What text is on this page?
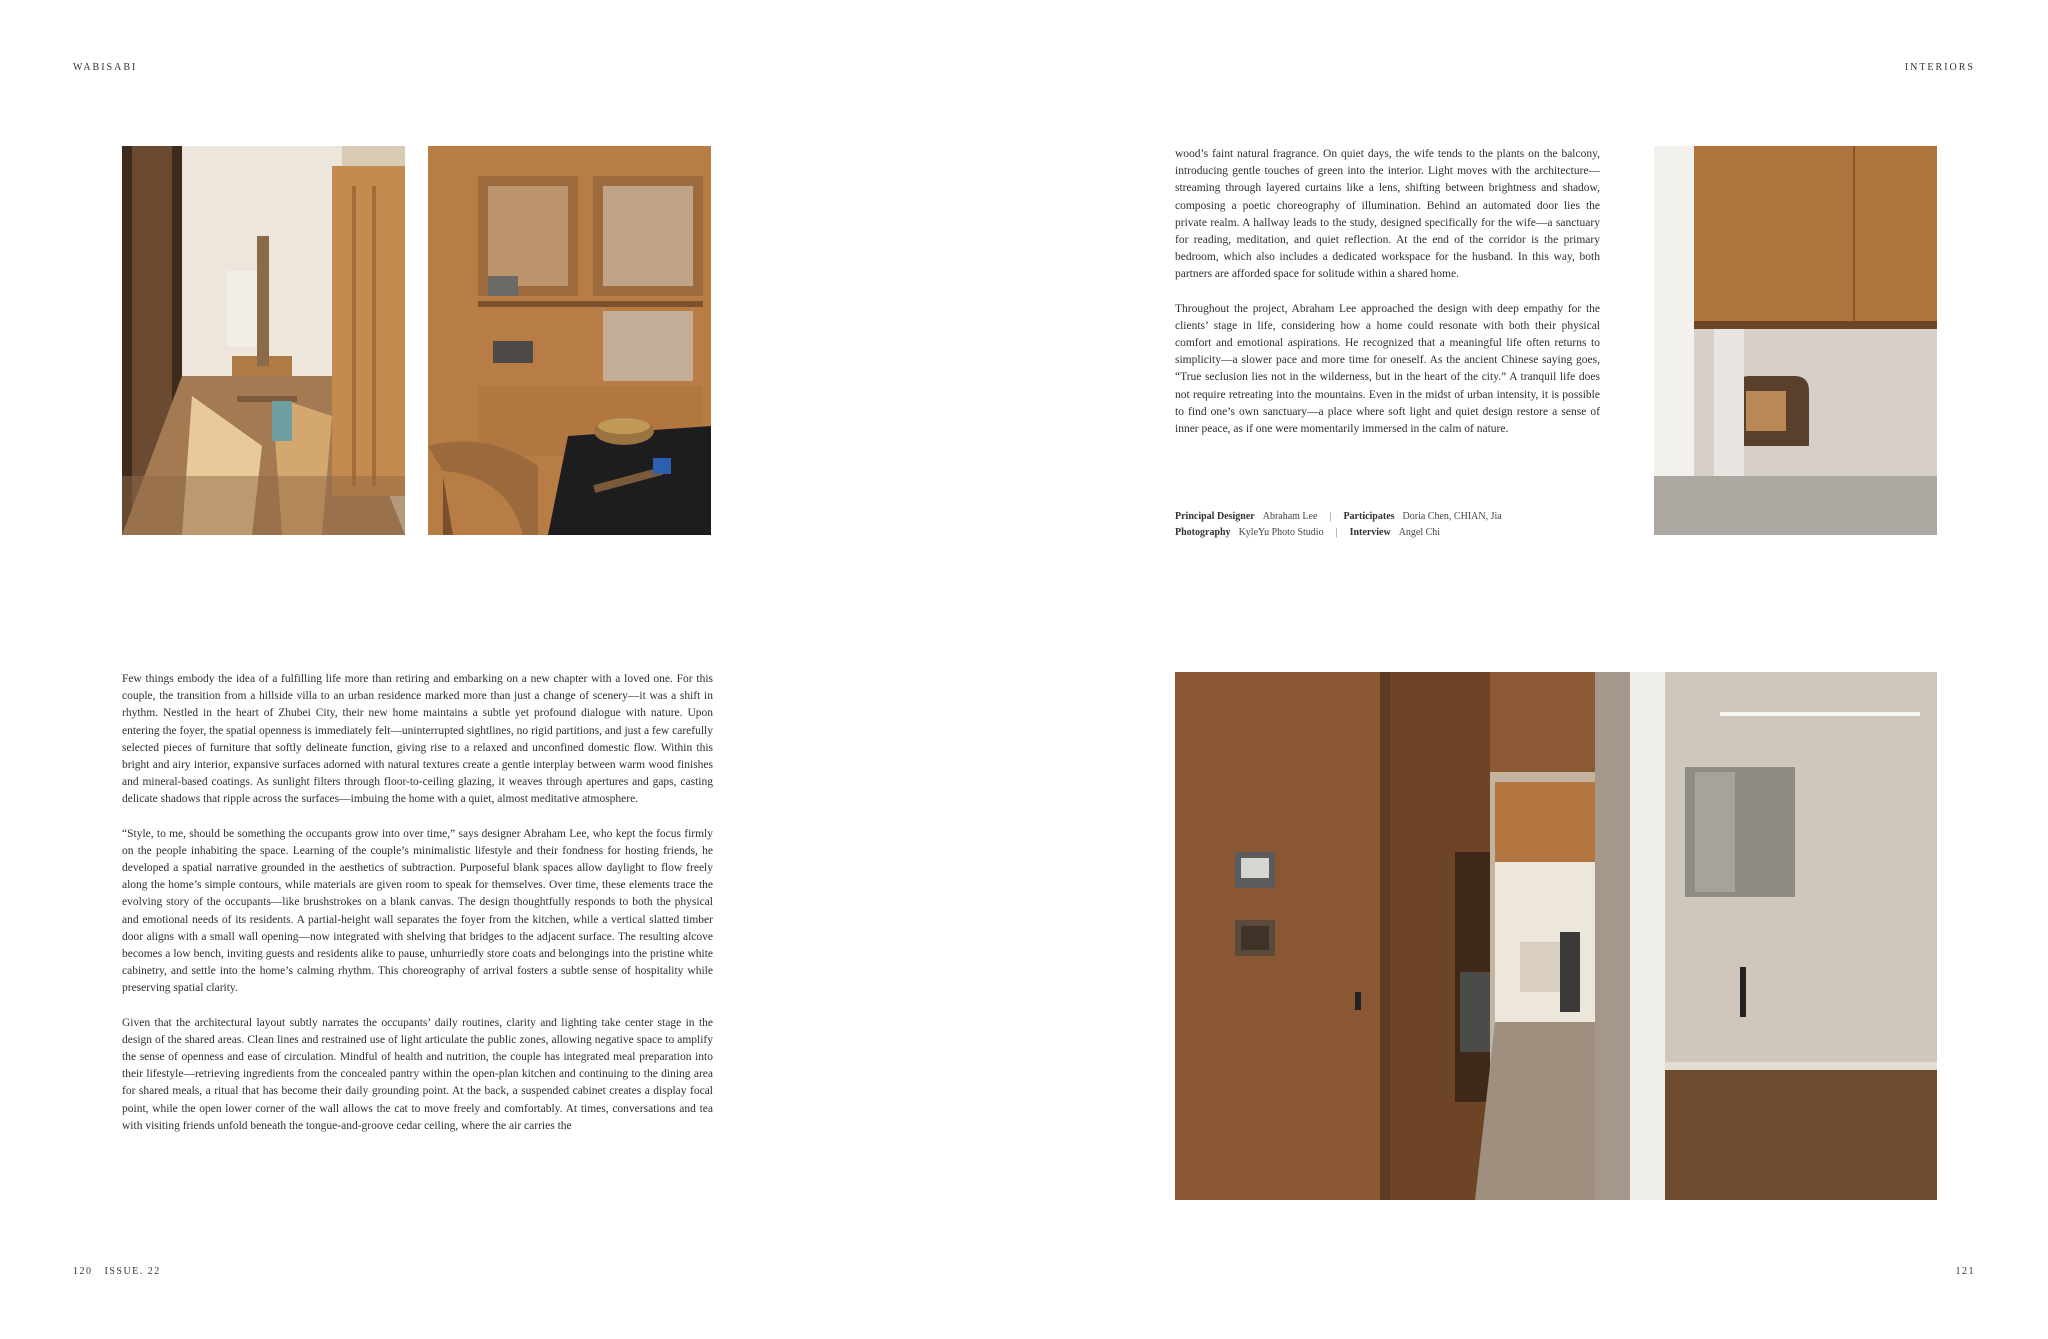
WABISABI	INTERIORS

Few things embody the idea of a fulfilling life more than retiring and embarking on a new chapter with a loved one. For this couple, the transition from a hillside villa to an urban residence marked more than just a change of scenery—it was a shift in rhythm. Nestled in the heart of Zhubei City, their new home maintains a subtle yet profound dialogue with nature. Upon entering the foyer, the spatial openness is immediately felt—uninterrupted sightlines, no rigid partitions, and just a few carefully selected pieces of furniture that softly delineate function, giving rise to a relaxed and unconfined domestic flow. Within this bright and airy interior, expansive surfaces adorned with natural textures create a gentle interplay between warm wood finishes and mineral-based coatings. As sunlight filters through floor-to-ceiling glazing, it weaves through apertures and gaps, casting delicate shadows that ripple across the surfaces—imbuing the home with a quiet, almost meditative atmosphere.

“Style, to me, should be something the occupants grow into over time,” says designer Abraham Lee, who kept the focus firmly on the people inhabiting the space. Learning of the couple’s minimalistic lifestyle and their fondness for hosting friends, he developed a spatial narrative grounded in the aesthetics of subtraction. Purposeful blank spaces allow daylight to flow freely along the home’s simple contours, while materials are given room to speak for themselves. Over time, these elements trace the evolving story of the occupants—like brushstrokes on a blank canvas. The design thoughtfully responds to both the physical and emotional needs of its residents. A partial-height wall separates the foyer from the kitchen, while a vertical slatted timber door aligns with a small wall opening—now integrated with shelving that bridges to the adjacent surface. The resulting alcove becomes a low bench, inviting guests and residents alike to pause, unhurriedly store coats and belongings into the pristine white cabinetry, and settle into the home’s calming rhythm. This choreography of arrival fosters a subtle sense of hospitality while preserving spatial clarity.

Given that the architectural layout subtly narrates the occupants’ daily routines, clarity and lighting take center stage in the design of the shared areas. Clean lines and restrained use of light articulate the public zones, allowing negative space to amplify the sense of openness and ease of circulation. Mindful of health and nutrition, the couple has integrated meal preparation into their lifestyle—retrieving ingredients from the concealed pantry within the open-plan kitchen and continuing to the dining area for shared meals, a ritual that has become their daily grounding point. At the back, a suspended cabinet creates a display focal point, while the open lower corner of the wall allows the cat to move freely and comfortably. At times, conversations and tea with visiting friends unfold beneath the tongue-and-groove cedar ceiling, where the air carries the

wood’s faint natural fragrance. On quiet days, the wife tends to the plants on the balcony, introducing gentle touches of green into the interior. Light moves with the architecture—streaming through layered curtains like a lens, shifting between brightness and shadow, composing a poetic choreography of illumination. Behind an automated door lies the private realm. A hallway leads to the study, designed specifically for the wife—a sanctuary for reading, meditation, and quiet reflection. At the end of the corridor is the primary bedroom, which also includes a dedicated workspace for the husband. In this way, both partners are afforded space for solitude within a shared home.

Throughout the project, Abraham Lee approached the design with deep empathy for the clients’ stage in life, considering how a home could resonate with both their physical comfort and emotional aspirations. He recognized that a meaningful life often returns to simplicity—a slower pace and more time for oneself. As the ancient Chinese saying goes, “True seclusion lies not in the wilderness, but in the heart of the city.” A tranquil life does not require retreating into the mountains. Even in the midst of urban intensity, it is possible to find one’s own sanctuary—a place where soft light and quiet design restore a sense of inner peace, as if one were momentarily immersed in the calm of nature.

Principal Designer Abraham Lee | Participates Doria Chen, CHIAN, Jia
Photography KyleYu Photo Studio | Interview Angel Chi
120 ISSUE. 22	121
